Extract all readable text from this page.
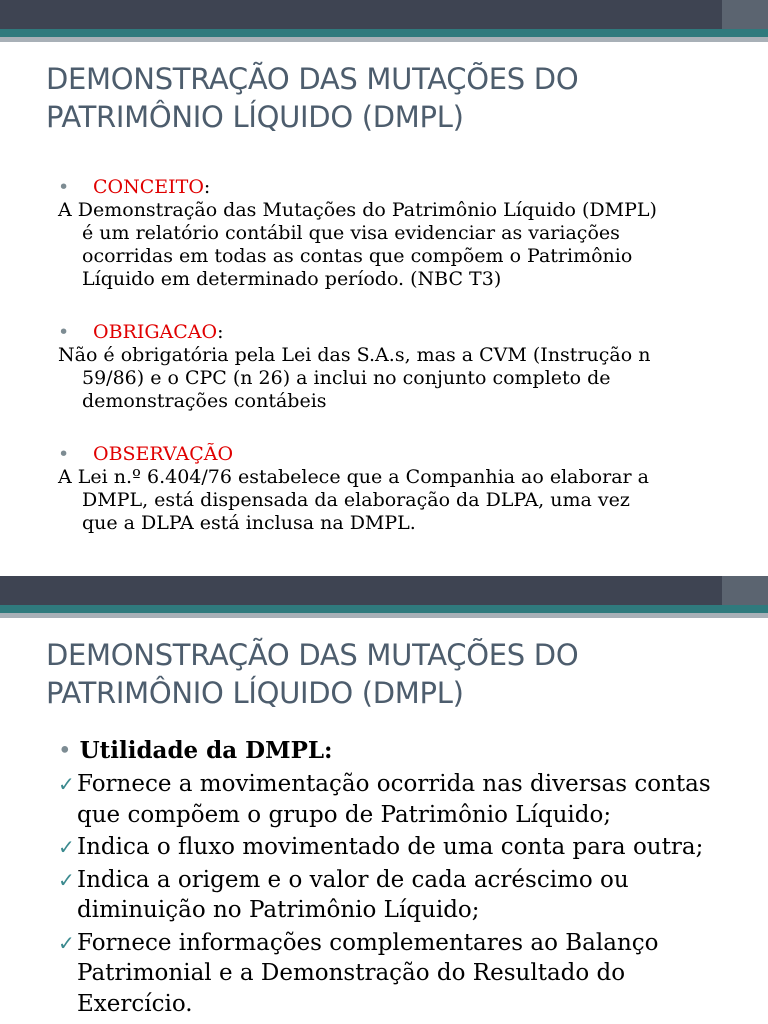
DEMONSTRAÇÃO DAS MUTAÇÕES DO
PATRIMÔNIO LÍQUIDO (DMPL)
• CONCEITO:

A Demonstração das Mutações do Patrimônio Líquido (DMPL)
é um relatório contábil que visa evidenciar as variações
ocorridas em todas as contas que compõem o Patrimônio
Líquido em determinado período. (NBC T3)

• OBRIGACAO:

Não é obrigatória pela Lei das S.A.s, mas a CVM (Instrução n
59/86) e o CPC (n 26) a inclui no conjunto completo de
demonstrações contábeis

• OBSERVAÇÃO

A Lei n.º 6.404/76 estabelece que a Companhia ao elaborar a
DMPL, está dispensada da elaboração da DLPA, uma vez
que a DLPA está inclusa na DMPL.

DEMONSTRAÇÃO DAS MUTAÇÕES DO
PATRIMÔNIO LÍQUIDO (DMPL)
• Utilidade da DMPL:
✓ Fornece a movimentação ocorrida nas diversas contas
que compõem o grupo de Patrimônio Líquido;
✓ Indica o fluxo movimentado de uma conta para outra;
✓ Indica a origem e o valor de cada acréscimo ou
diminuição no Patrimônio Líquido;
✓ Fornece informações complementares ao Balanço
Patrimonial e a Demonstração do Resultado do
Exercício.
